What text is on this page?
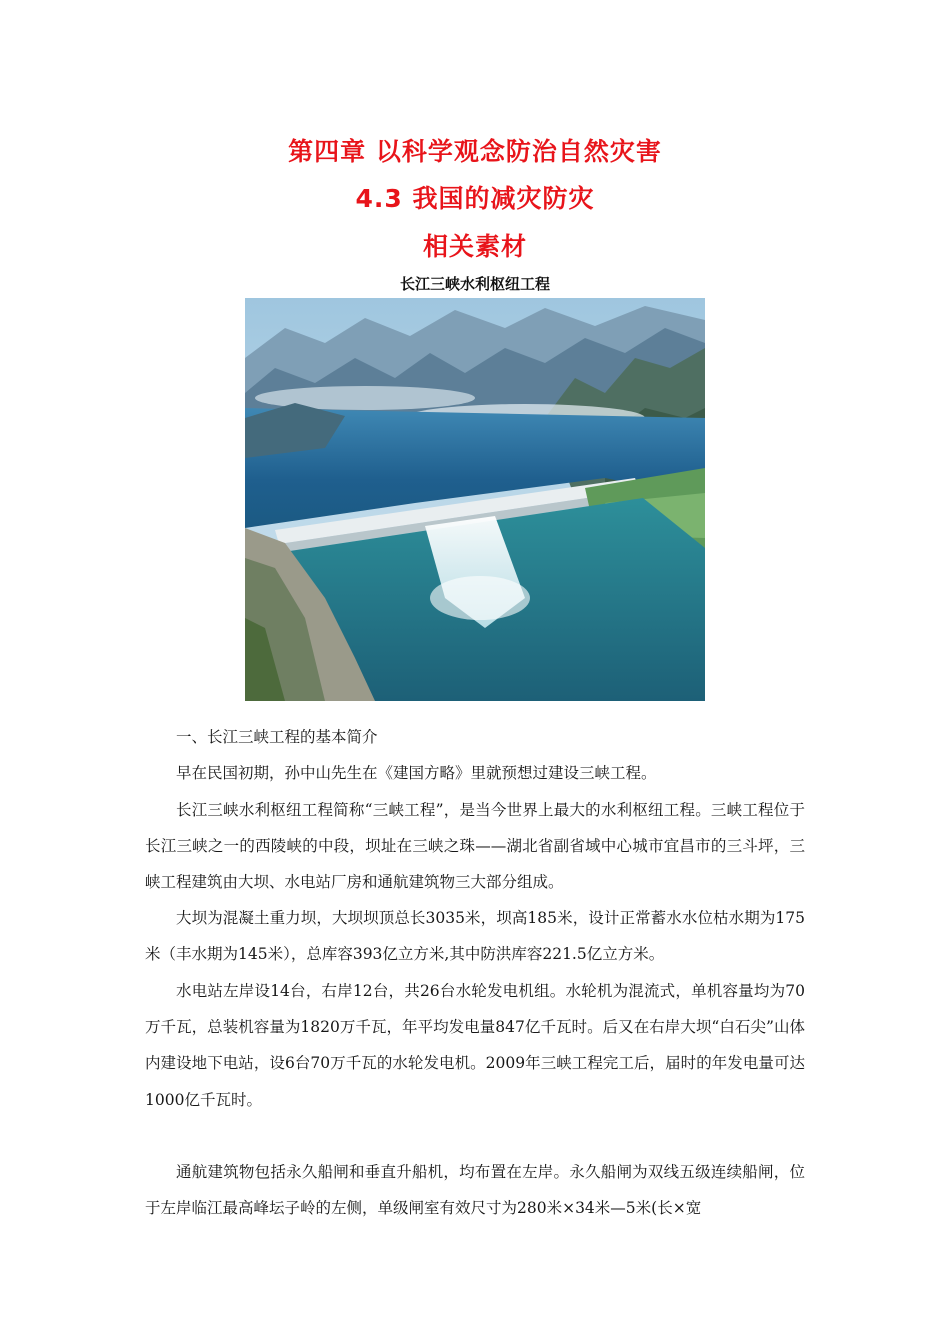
第四章 以科学观念防治自然灾害
4.3 我国的减灾防灾
相关素材
长江三峡水利枢纽工程

一、长江三峡工程的基本简介

早在民国初期，孙中山先生在《建国方略》里就预想过建设三峡工程。

长江三峡水利枢纽工程简称“三峡工程”，是当今世界上最大的水利枢纽工程。三峡工程位于长江三峡之一的西陵峡的中段，坝址在三峡之珠——湖北省副省域中心城市宜昌市的三斗坪，三峡工程建筑由大坝、水电站厂房和通航建筑物三大部分组成。

大坝为混凝土重力坝，大坝坝顶总长3035米，坝高185米，设计正常蓄水水位枯水期为175米（丰水期为145米），总库容393亿立方米,其中防洪库容221.5亿立方米。

水电站左岸设14台，右岸12台，共26台水轮发电机组。水轮机为混流式，单机容量均为70万千瓦，总装机容量为1820万千瓦，年平均发电量847亿千瓦时。后又在右岸大坝“白石尖”山体内建设地下电站，设6台70万千瓦的水轮发电机。2009年三峡工程完工后，届时的年发电量可达1000亿千瓦时。

通航建筑物包括永久船闸和垂直升船机，均布置在左岸。永久船闸为双线五级连续船闸，位于左岸临江最高峰坛子岭的左侧，单级闸室有效尺寸为280米×34米—5米(长×宽
